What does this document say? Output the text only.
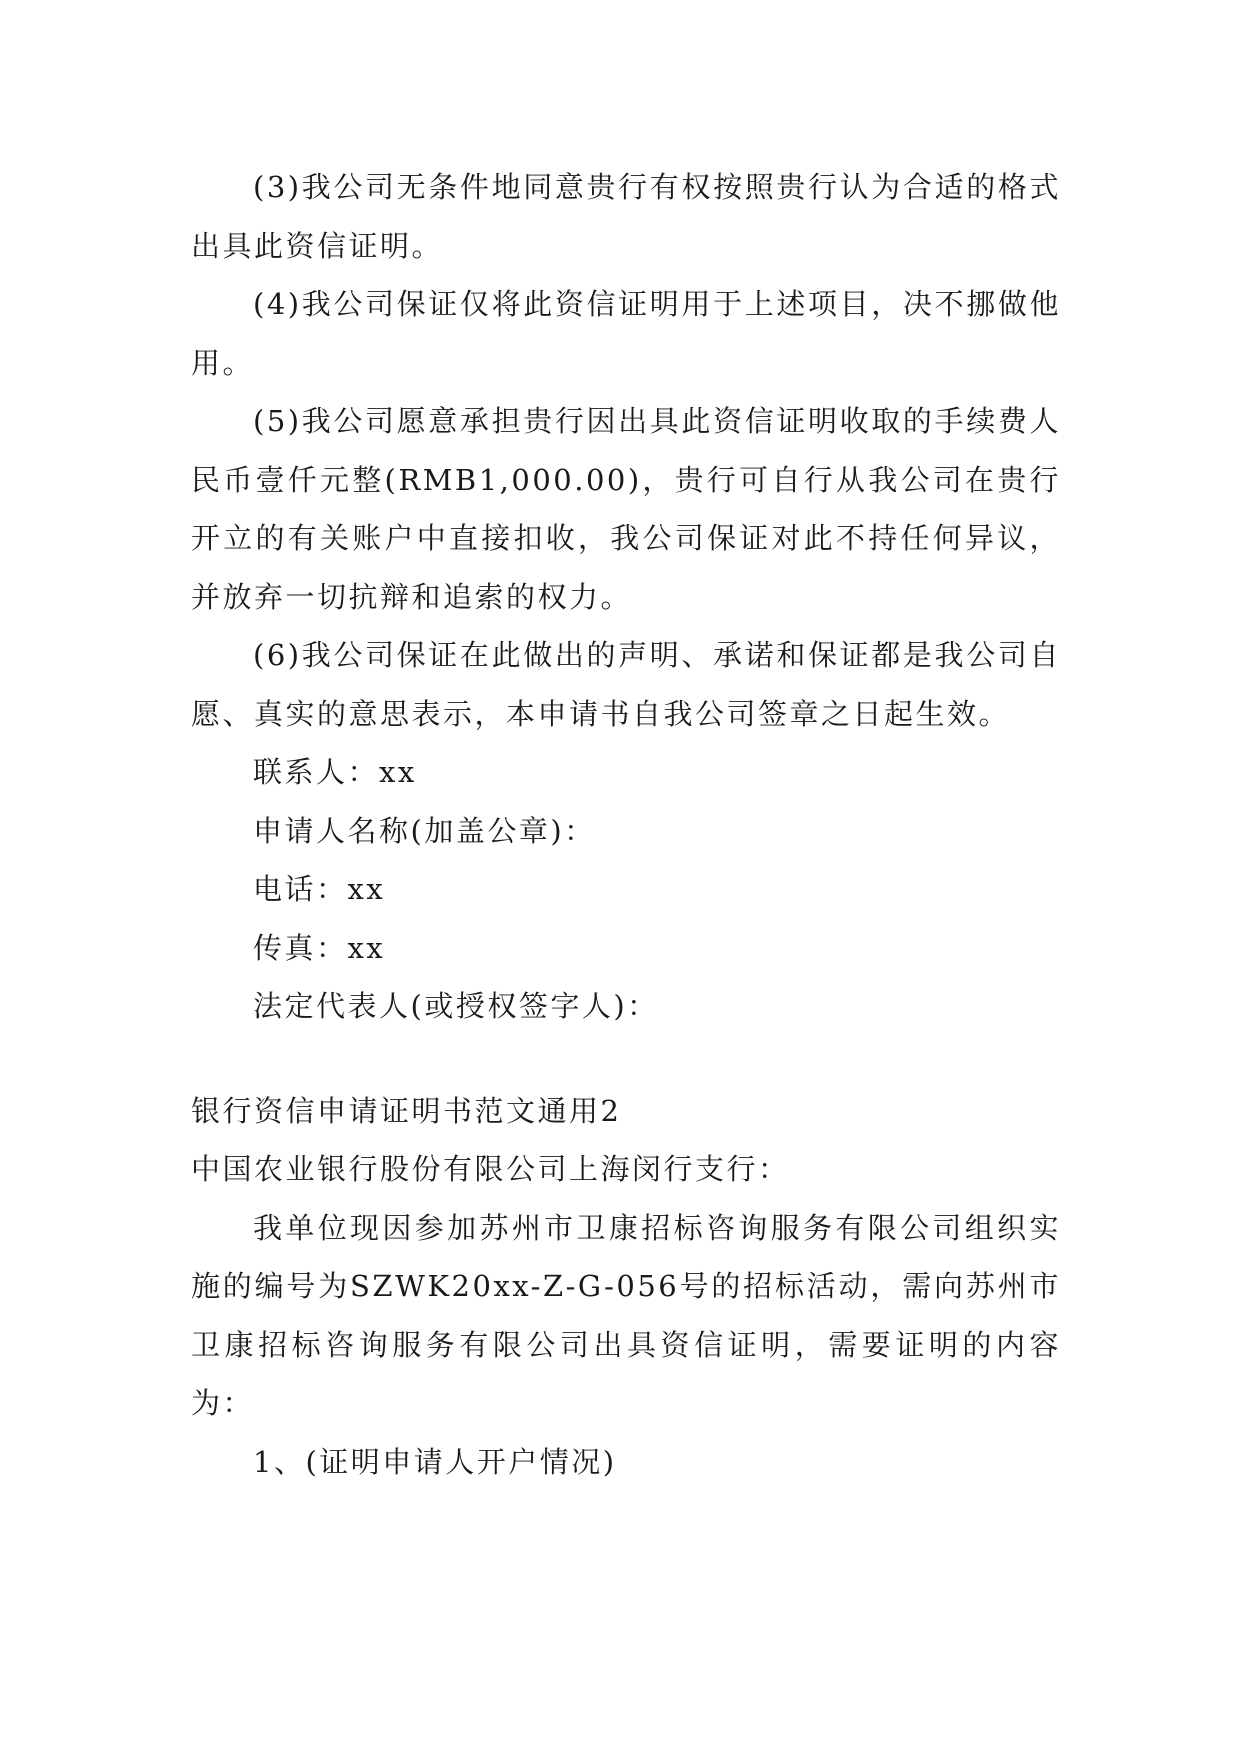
(3)我公司无条件地同意贵行有权按照贵行认为合适的格式出具此资信证明。

(4)我公司保证仅将此资信证明用于上述项目，决不挪做他用。

(5)我公司愿意承担贵行因出具此资信证明收取的手续费人民币壹仟元整(RMB1,000.00)，贵行可自行从我公司在贵行开立的有关账户中直接扣收，我公司保证对此不持任何异议，并放弃一切抗辩和追索的权力。

(6)我公司保证在此做出的声明、承诺和保证都是我公司自愿、真实的意思表示，本申请书自我公司签章之日起生效。

联系人：xx

申请人名称(加盖公章)：

电话：xx

传真：xx

法定代表人(或授权签字人)：

银行资信申请证明书范文通用2

中国农业银行股份有限公司上海闵行支行：

我单位现因参加苏州市卫康招标咨询服务有限公司组织实施的编号为SZWK20xx-Z-G-056号的招标活动，需向苏州市卫康招标咨询服务有限公司出具资信证明，需要证明的内容为：

1、(证明申请人开户情况)
